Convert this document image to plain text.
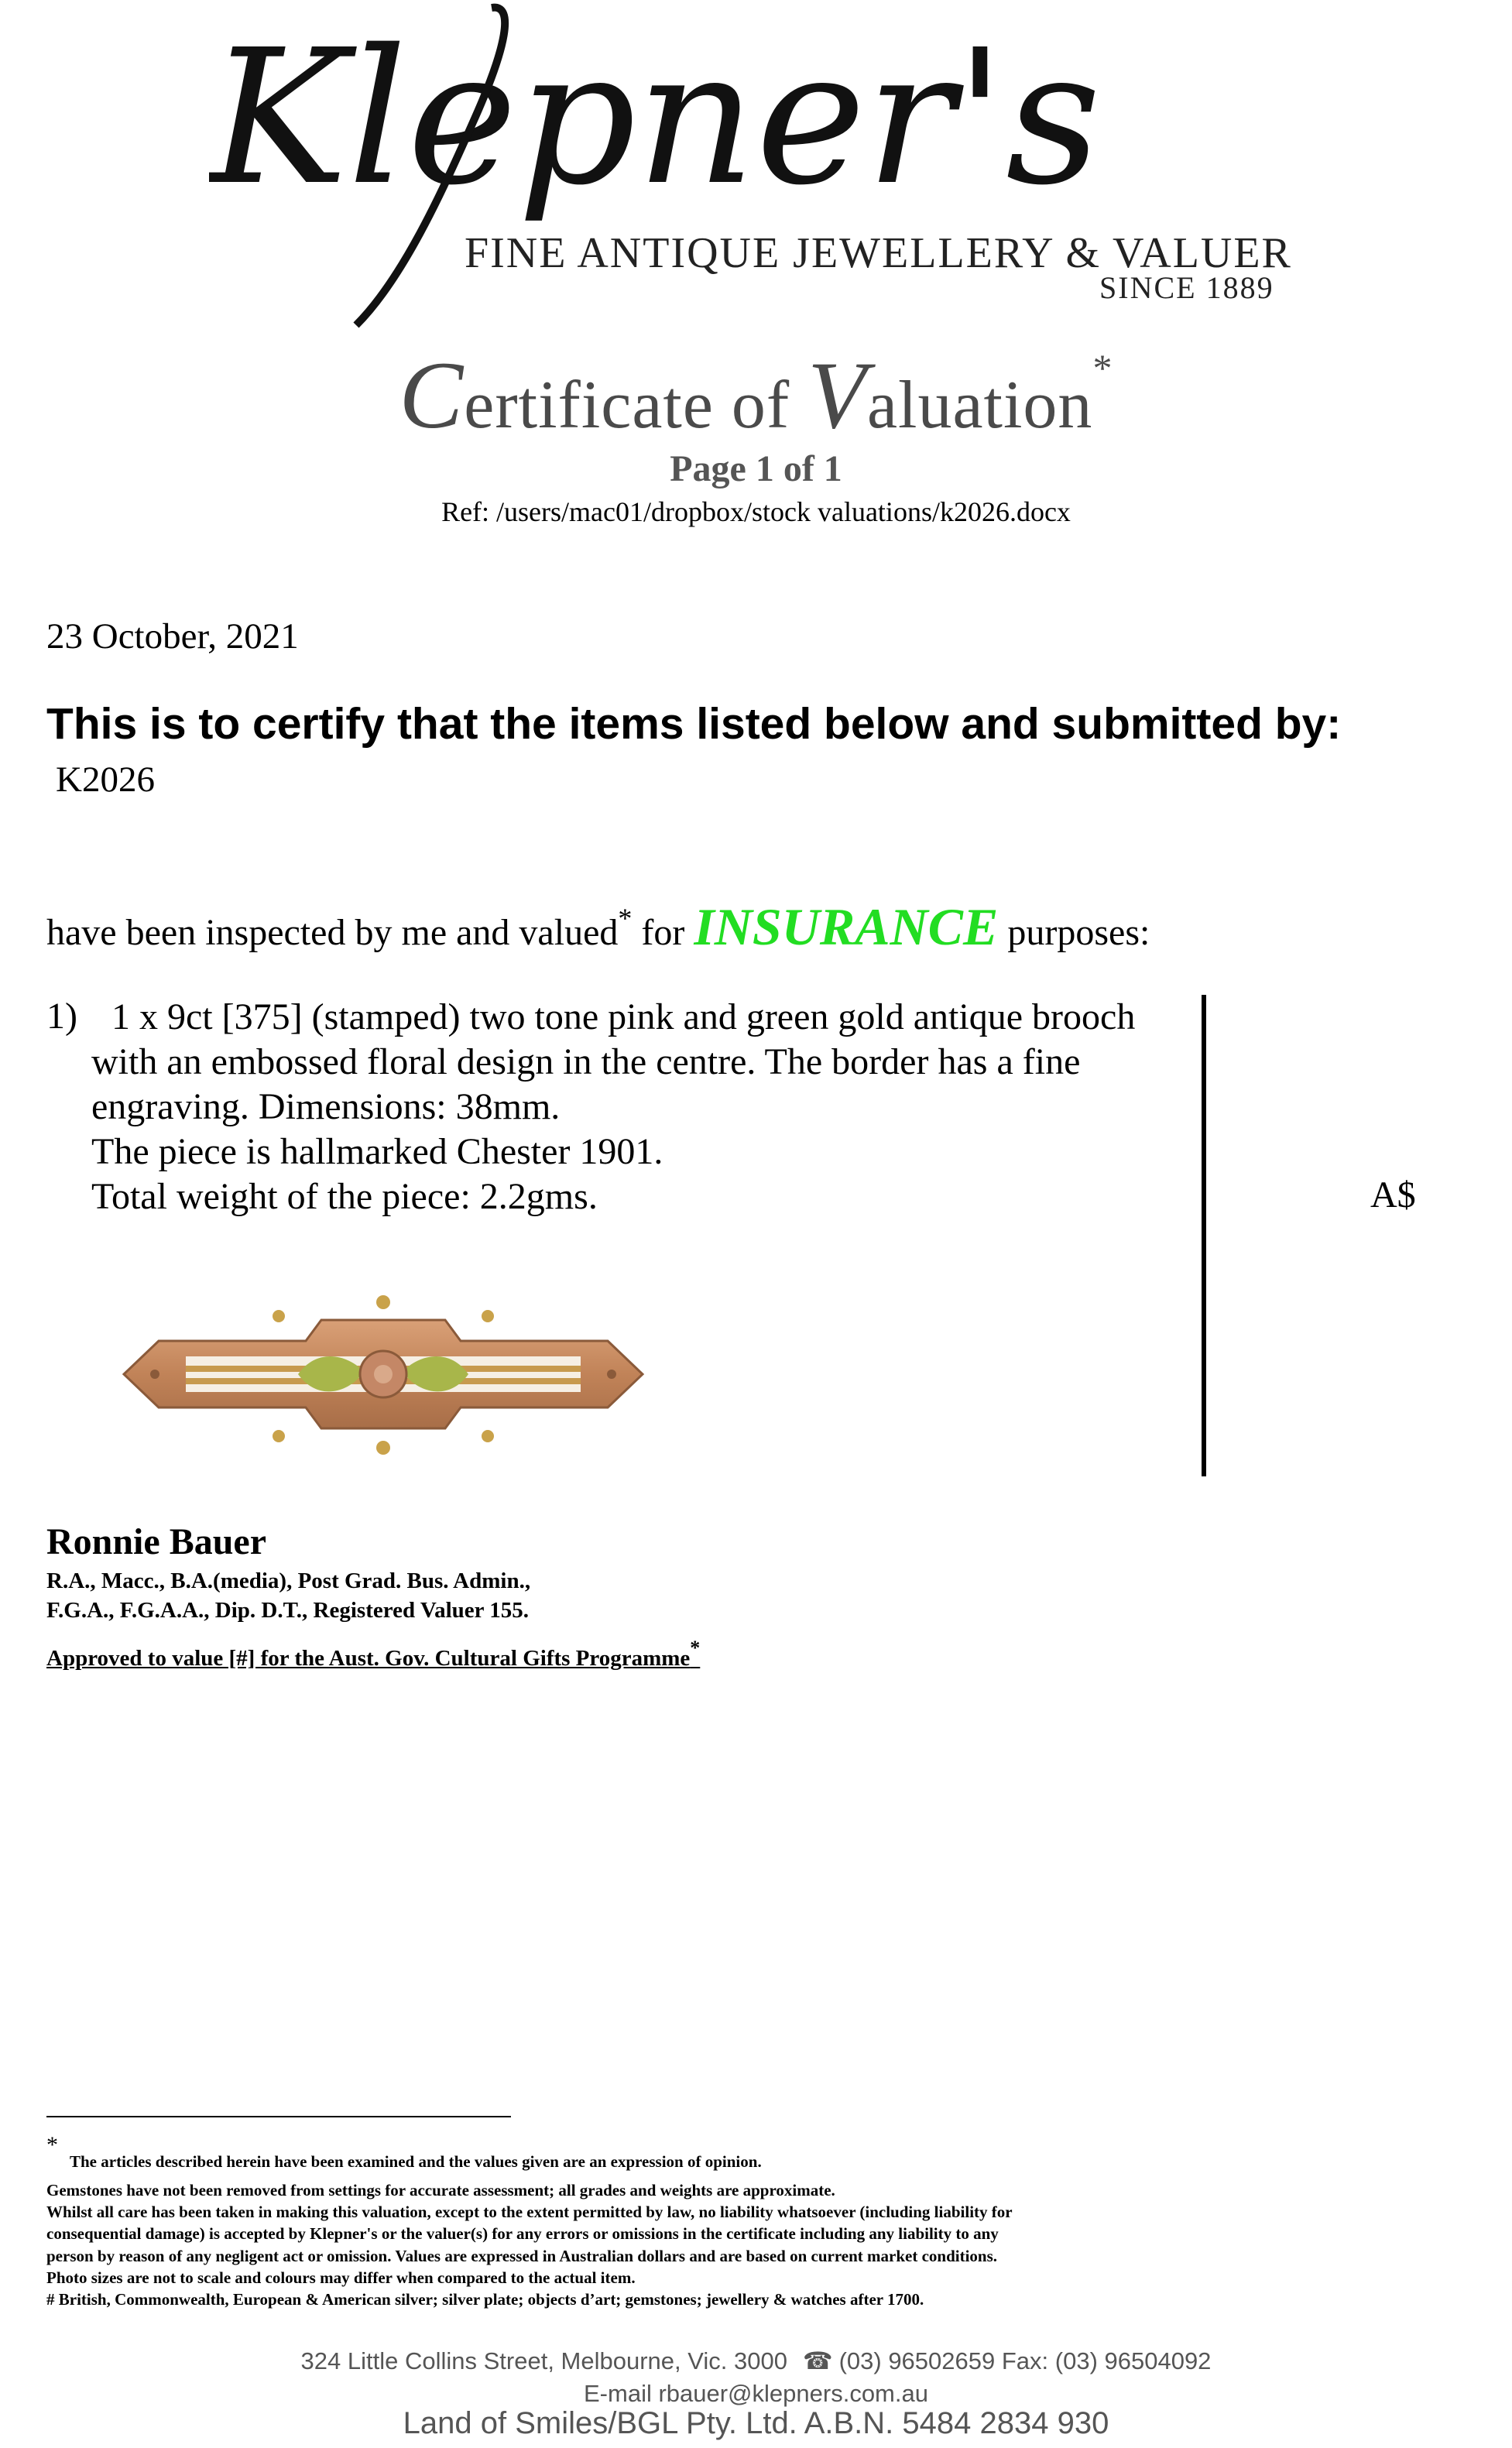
Klepner's
FINE ANTIQUE JEWELLERY & VALUERS
SINCE 1889
Certificate of Valuation*
Page 1 of 1
Ref: /users/mac01/dropbox/stock valuations/k2026.docx
23 October, 2021
This is to certify that the items listed below and submitted by:
K2026
have been inspected by me and valued* for INSURANCE purposes:
1) 1 x 9ct [375] (stamped) two tone pink and green gold antique brooch
with an embossed floral design in the centre. The border has a fine
engraving. Dimensions: 38mm.
The piece is hallmarked Chester 1901.
Total weight of the piece: 2.2gms.	A$
Ronnie Bauer
R.A., Macc., B.A.(media), Post Grad. Bus. Admin.,
F.G.A., F.G.A.A., Dip. D.T., Registered Valuer 155.
Approved to value [#] for the Aust. Gov. Cultural Gifts Programme*
*
The articles described herein have been examined and the values given are an expression of opinion.
Gemstones have not been removed from settings for accurate assessment; all grades and weights are approximate.
Whilst all care has been taken in making this valuation, except to the extent permitted by law, no liability whatsoever (including liability for
consequential damage) is accepted by Klepner's or the valuer(s) for any errors or omissions in the certificate including any liability to any
person by reason of any negligent act or omission. Values are expressed in Australian dollars and are based on current market conditions.
Photo sizes are not to scale and colours may differ when compared to the actual item.
# British, Commonwealth, European & American silver; silver plate; objects d’art; gemstones; jewellery & watches after 1700.
324 Little Collins Street, Melbourne, Vic. 3000 ☎ (03) 96502659 Fax: (03) 96504092
E-mail rbauer@klepners.com.au
Land of Smiles/BGL Pty. Ltd. A.B.N. 5484 2834 930
